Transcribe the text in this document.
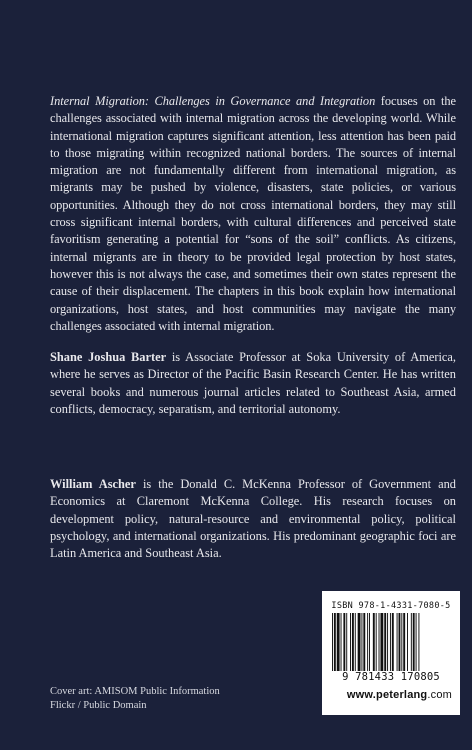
Internal Migration: Challenges in Governance and Integration focuses on the challenges associated with internal migration across the developing world. While international migration captures significant attention, less attention has been paid to those migrating within recognized national borders. The sources of internal migration are not fundamentally different from international migration, as migrants may be pushed by violence, disasters, state policies, or various opportunities. Although they do not cross international borders, they may still cross significant internal borders, with cultural differences and perceived state favoritism generating a potential for “sons of the soil” conflicts. As citizens, internal migrants are in theory to be provided legal protection by host states, however this is not always the case, and sometimes their own states represent the cause of their displacement. The chapters in this book explain how international organizations, host states, and host communities may navigate the many challenges associated with internal migration.

Shane Joshua Barter is Associate Professor at Soka University of America, where he serves as Director of the Pacific Basin Research Center. He has written several books and numerous journal articles related to Southeast Asia, armed conflicts, democracy, separatism, and territorial autonomy.

William Ascher is the Donald C. McKenna Professor of Government and Economics at Claremont McKenna College. His research focuses on development policy, natural-resource and environmental policy, political psychology, and international organizations. His predominant geographic foci are Latin America and Southeast Asia.

Cover art: AMISOM Public Information
Flickr / Public Domain
ISBN 978-1-4331-7080-5
9 781433 170805
www.peterlang.com
